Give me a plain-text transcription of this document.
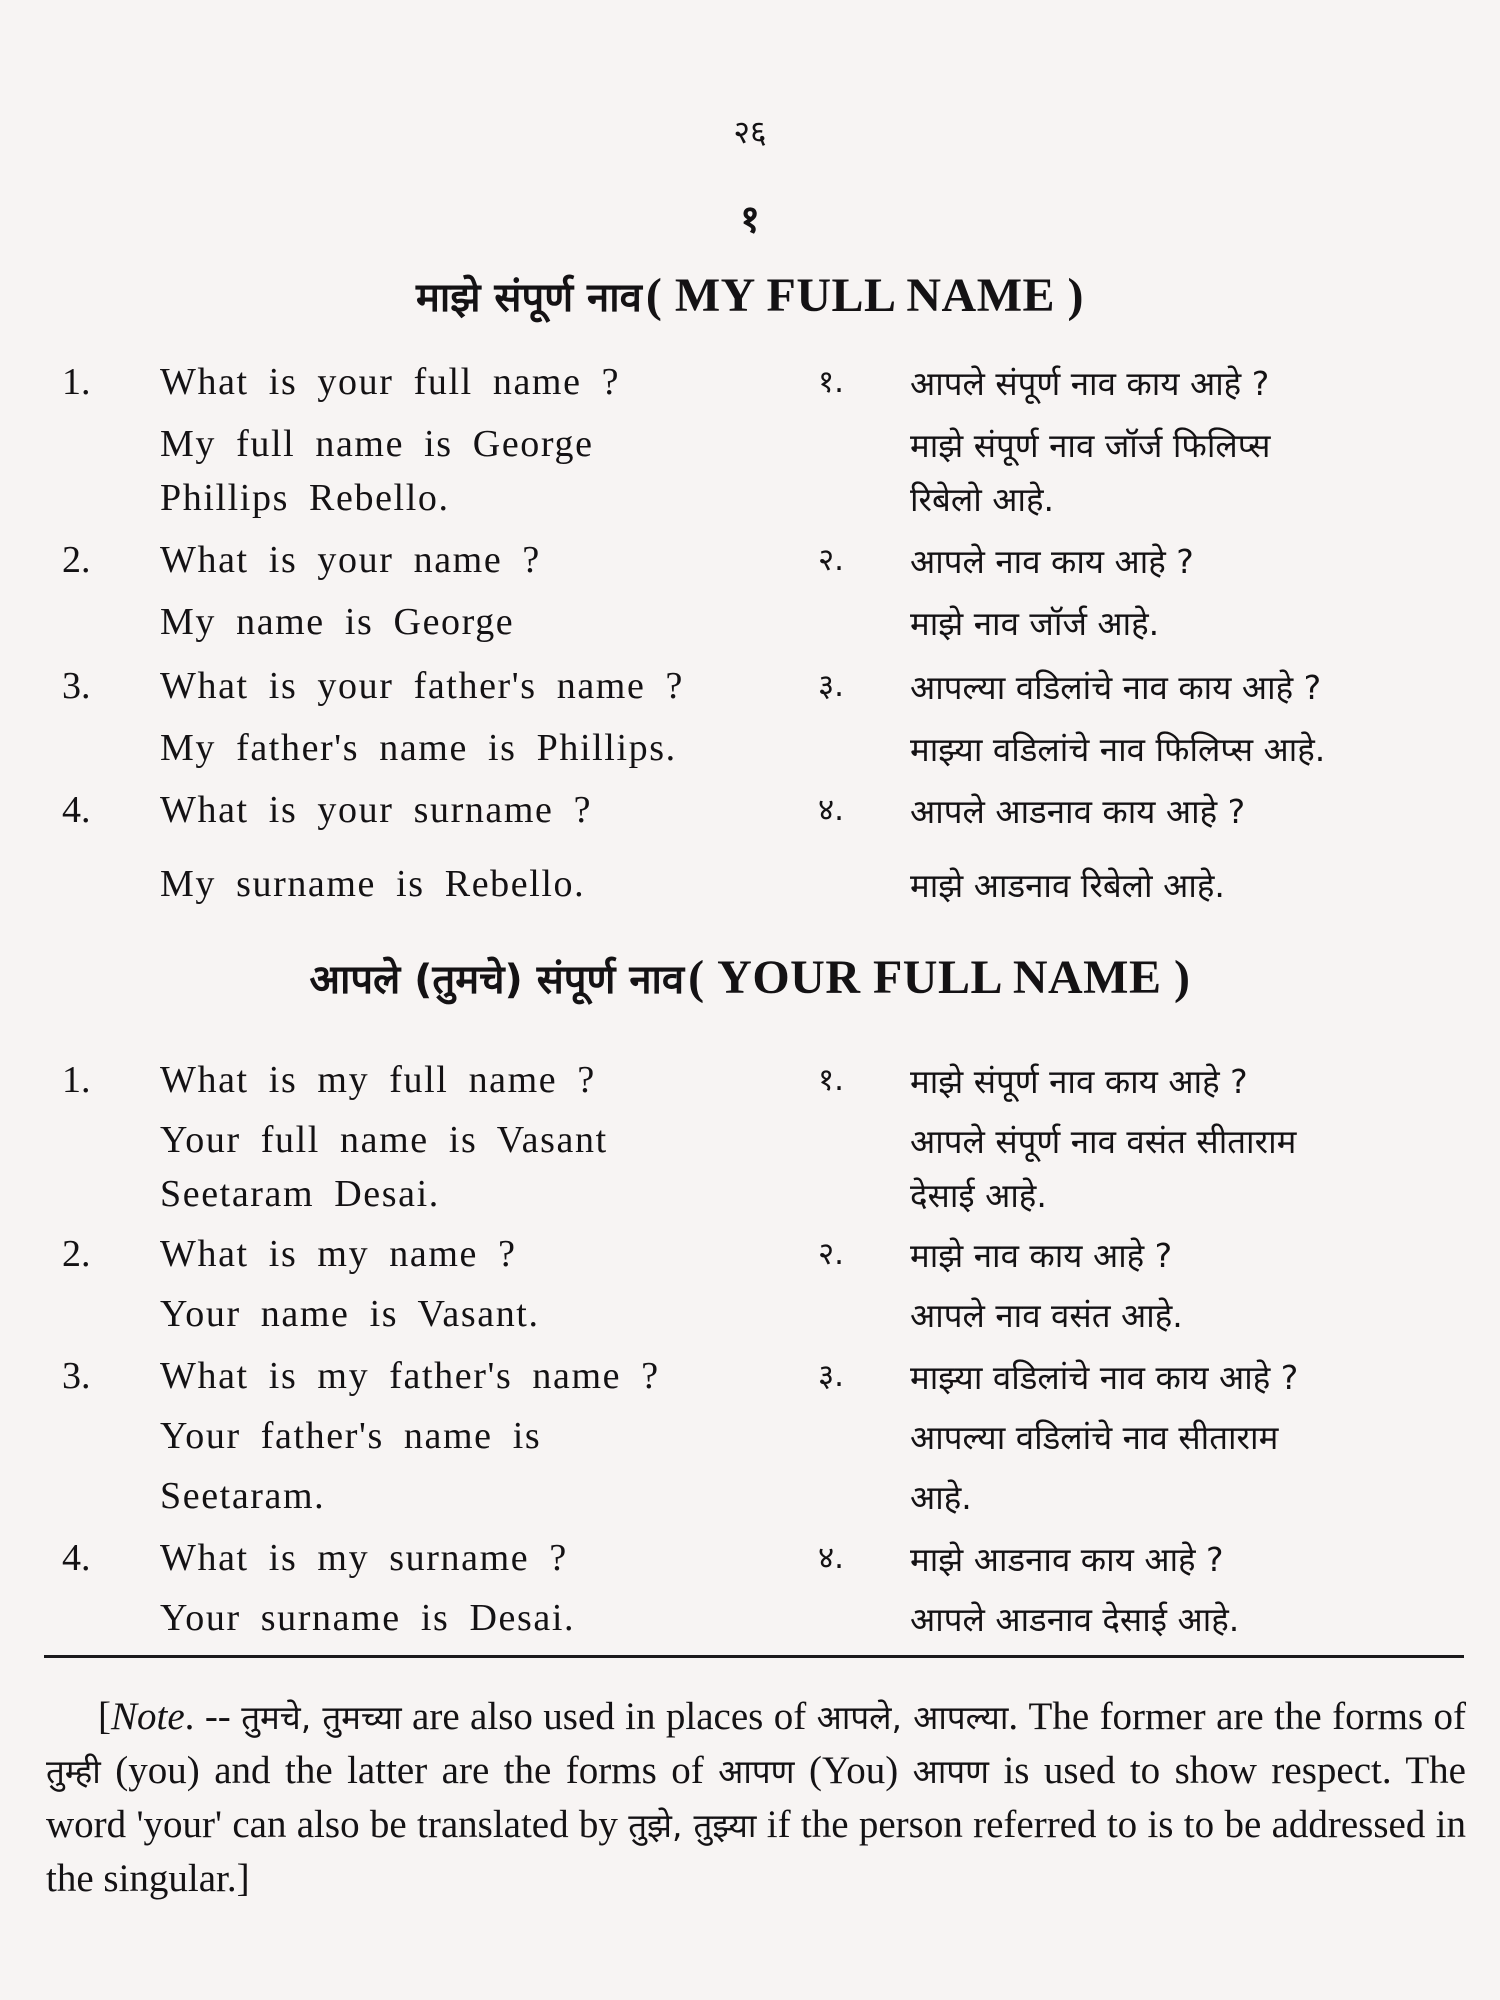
२६
१
माझे संपूर्ण नाव ( MY FULL NAME )
1. What is your full name ?	१. आपले संपूर्ण नाव काय आहे ?
My full name is George	माझे संपूर्ण नाव जॉर्ज फिलिप्स
Phillips Rebello.	रिबेलो आहे.
2. What is your name ?	२. आपले नाव काय आहे ?
My name is George	माझे नाव जॉर्ज आहे.
3. What is your father's name ?	३. आपल्या वडिलांचे नाव काय आहे ?
My father's name is Phillips.	माझ्या वडिलांचे नाव फिलिप्स आहे.
4. What is your surname ?	४. आपले आडनाव काय आहे ?
My surname is Rebello.	माझे आडनाव रिबेलो आहे.
आपले (तुमचे) संपूर्ण नाव ( YOUR FULL NAME )
1. What is my full name ?	१. माझे संपूर्ण नाव काय आहे ?
Your full name is Vasant	आपले संपूर्ण नाव वसंत सीताराम
Seetaram Desai.	देसाई आहे.
2. What is my name ?	२. माझे नाव काय आहे ?
Your name is Vasant.	आपले नाव वसंत आहे.
3. What is my father's name ?	३. माझ्या वडिलांचे नाव काय आहे ?
Your father's name is	आपल्या वडिलांचे नाव सीताराम
Seetaram.	आहे.
4. What is my surname ?	४. माझे आडनाव काय आहे ?
Your surname is Desai.	आपले आडनाव देसाई आहे.
[Note. -- तुमचे, तुमच्या are also used in places of आपले, आपल्या. The former are the forms of तुम्ही (you) and the latter are the forms of आपण (You) आपण is used to show respect. The word 'your' can also be translated by तुझे, तुझ्या if the person referred to is to be addressed in the singular.]
